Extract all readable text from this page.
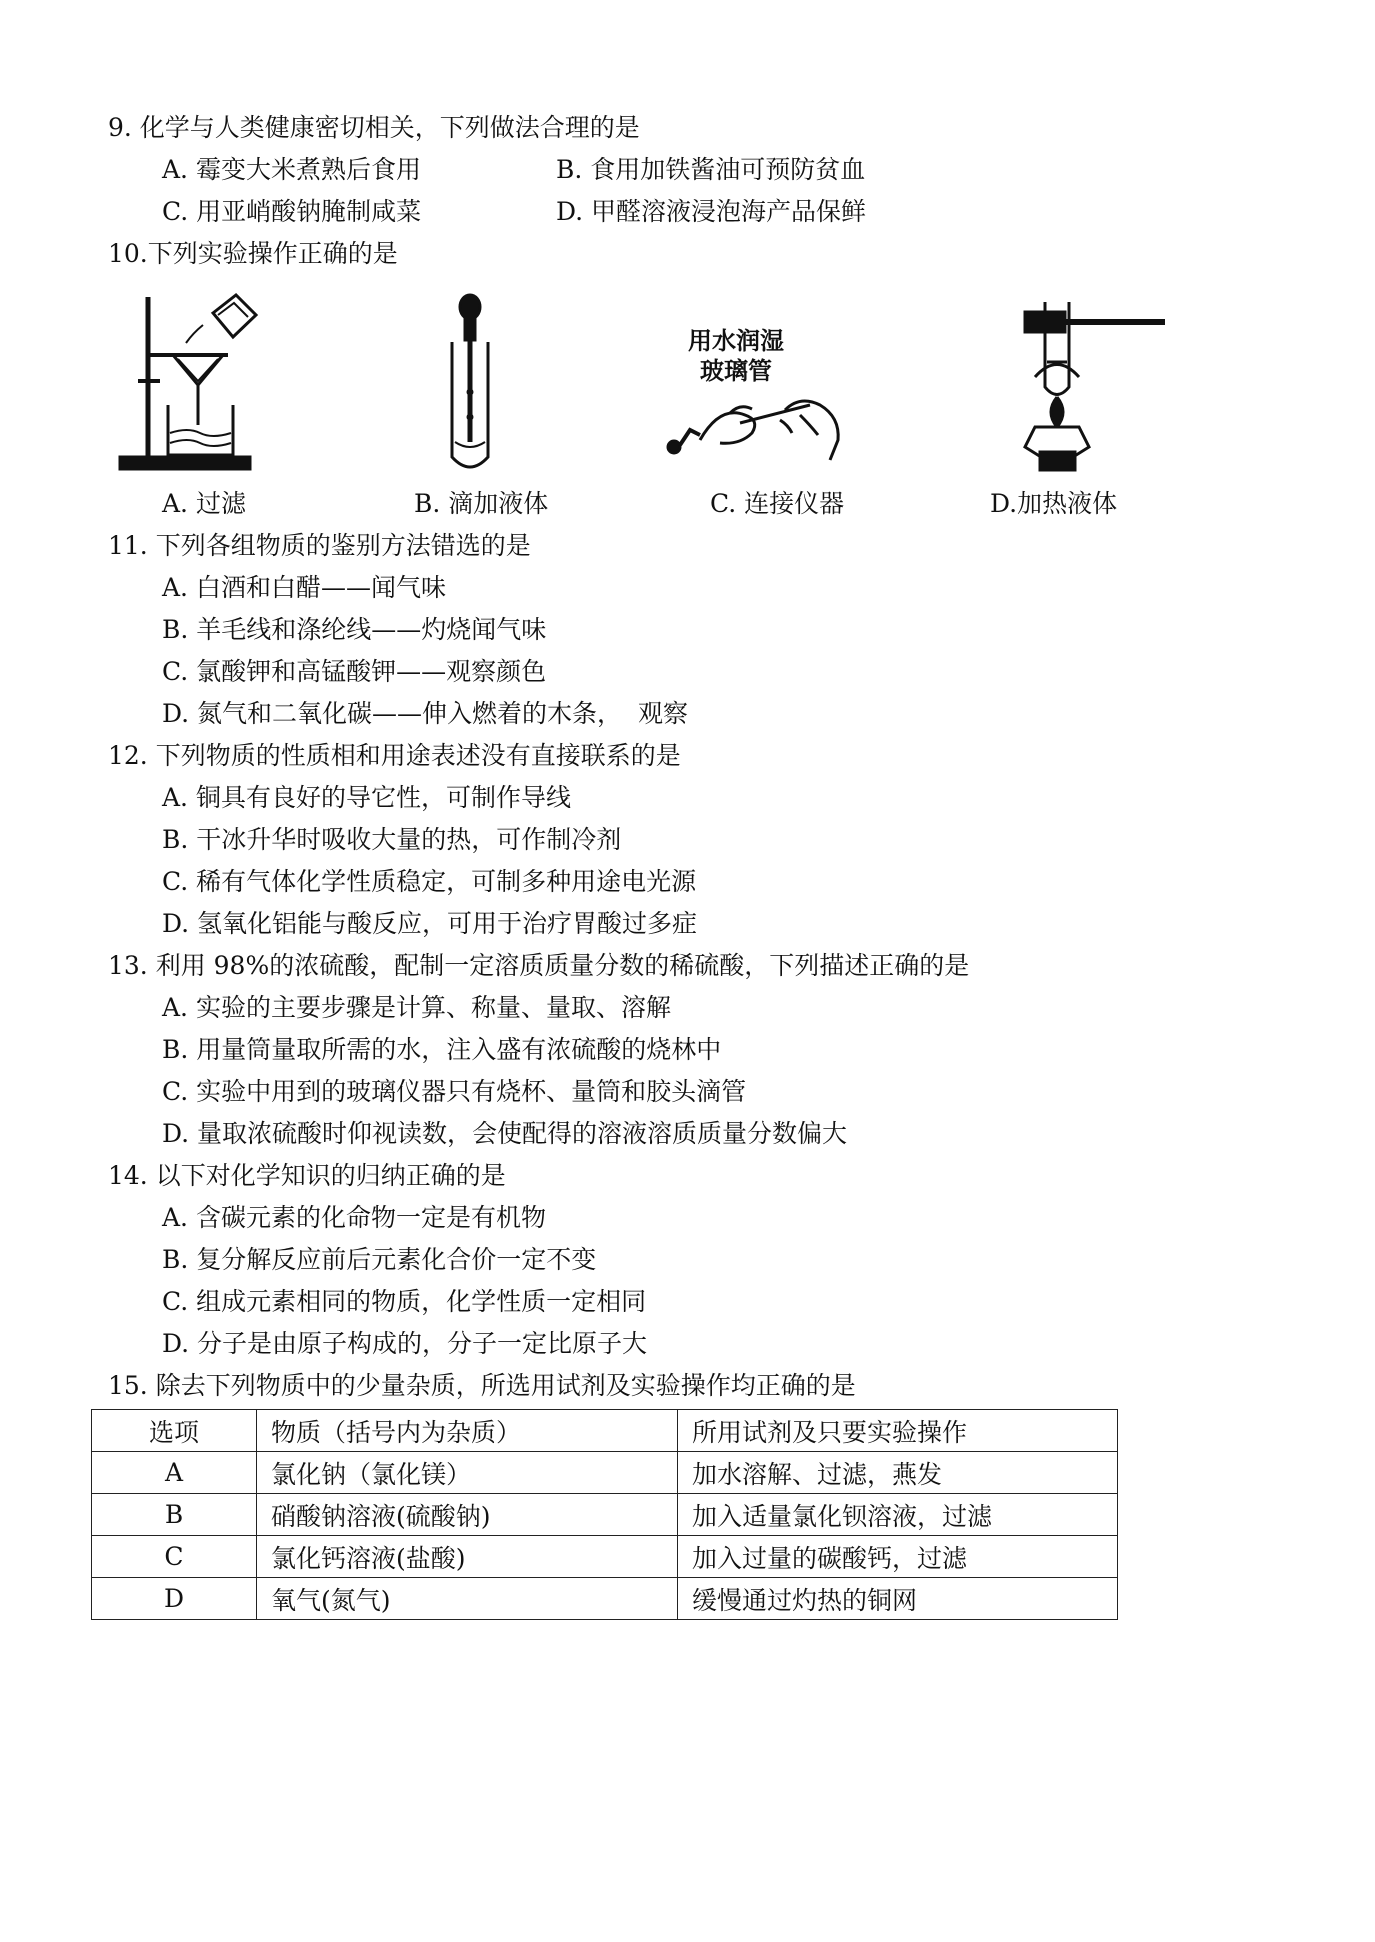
9. 化学与人类健康密切相关，下列做法合理的是
A. 霉变大米煮熟后食用	B. 食用加铁酱油可预防贫血
C. 用亚峭酸钠腌制咸菜	D. 甲醛溶液浸泡海产品保鲜
10.下列实验操作正确的是
用水润湿
玻璃管
A. 过滤	B. 滴加液体	C. 连接仪器	D.加热液体
11. 下列各组物质的鉴别方法错选的是
A. 白酒和白醋——闻气味
B. 羊毛线和涤纶线——灼烧闻气味
C. 氯酸钾和高锰酸钾——观察颜色
D. 氮气和二氧化碳——伸入燃着的木条，  观察
12. 下列物质的性质相和用途表述没有直接联系的是
A. 铜具有良好的导它性，可制作导线
B. 干冰升华时吸收大量的热，可作制冷剂
C. 稀有气体化学性质稳定，可制多种用途电光源
D. 氢氧化铝能与酸反应，可用于治疗胃酸过多症
13. 利用 98%的浓硫酸，配制一定溶质质量分数的稀硫酸，下列描述正确的是
A. 实验的主要步骤是计算、称量、量取、溶解
B. 用量筒量取所需的水，注入盛有浓硫酸的烧林中
C. 实验中用到的玻璃仪器只有烧杯、量筒和胶头滴管
D. 量取浓硫酸时仰视读数，会使配得的溶液溶质质量分数偏大
14. 以下对化学知识的归纳正确的是
A. 含碳元素的化命物一定是有机物
B. 复分解反应前后元素化合价一定不变
C. 组成元素相同的物质，化学性质一定相同
D. 分子是由原子构成的，分子一定比原子大
15. 除去下列物质中的少量杂质，所选用试剂及实验操作均正确的是
选项	物质（括号内为杂质）	所用试剂及只要实验操作
A	氯化钠（氯化镁）	加水溶解、过滤，燕发
B	硝酸钠溶液(硫酸钠)	加入适量氯化钡溶液，过滤
C	氯化钙溶液(盐酸)	加入过量的碳酸钙，过滤
D	氧气(氮气)	缓慢通过灼热的铜网
